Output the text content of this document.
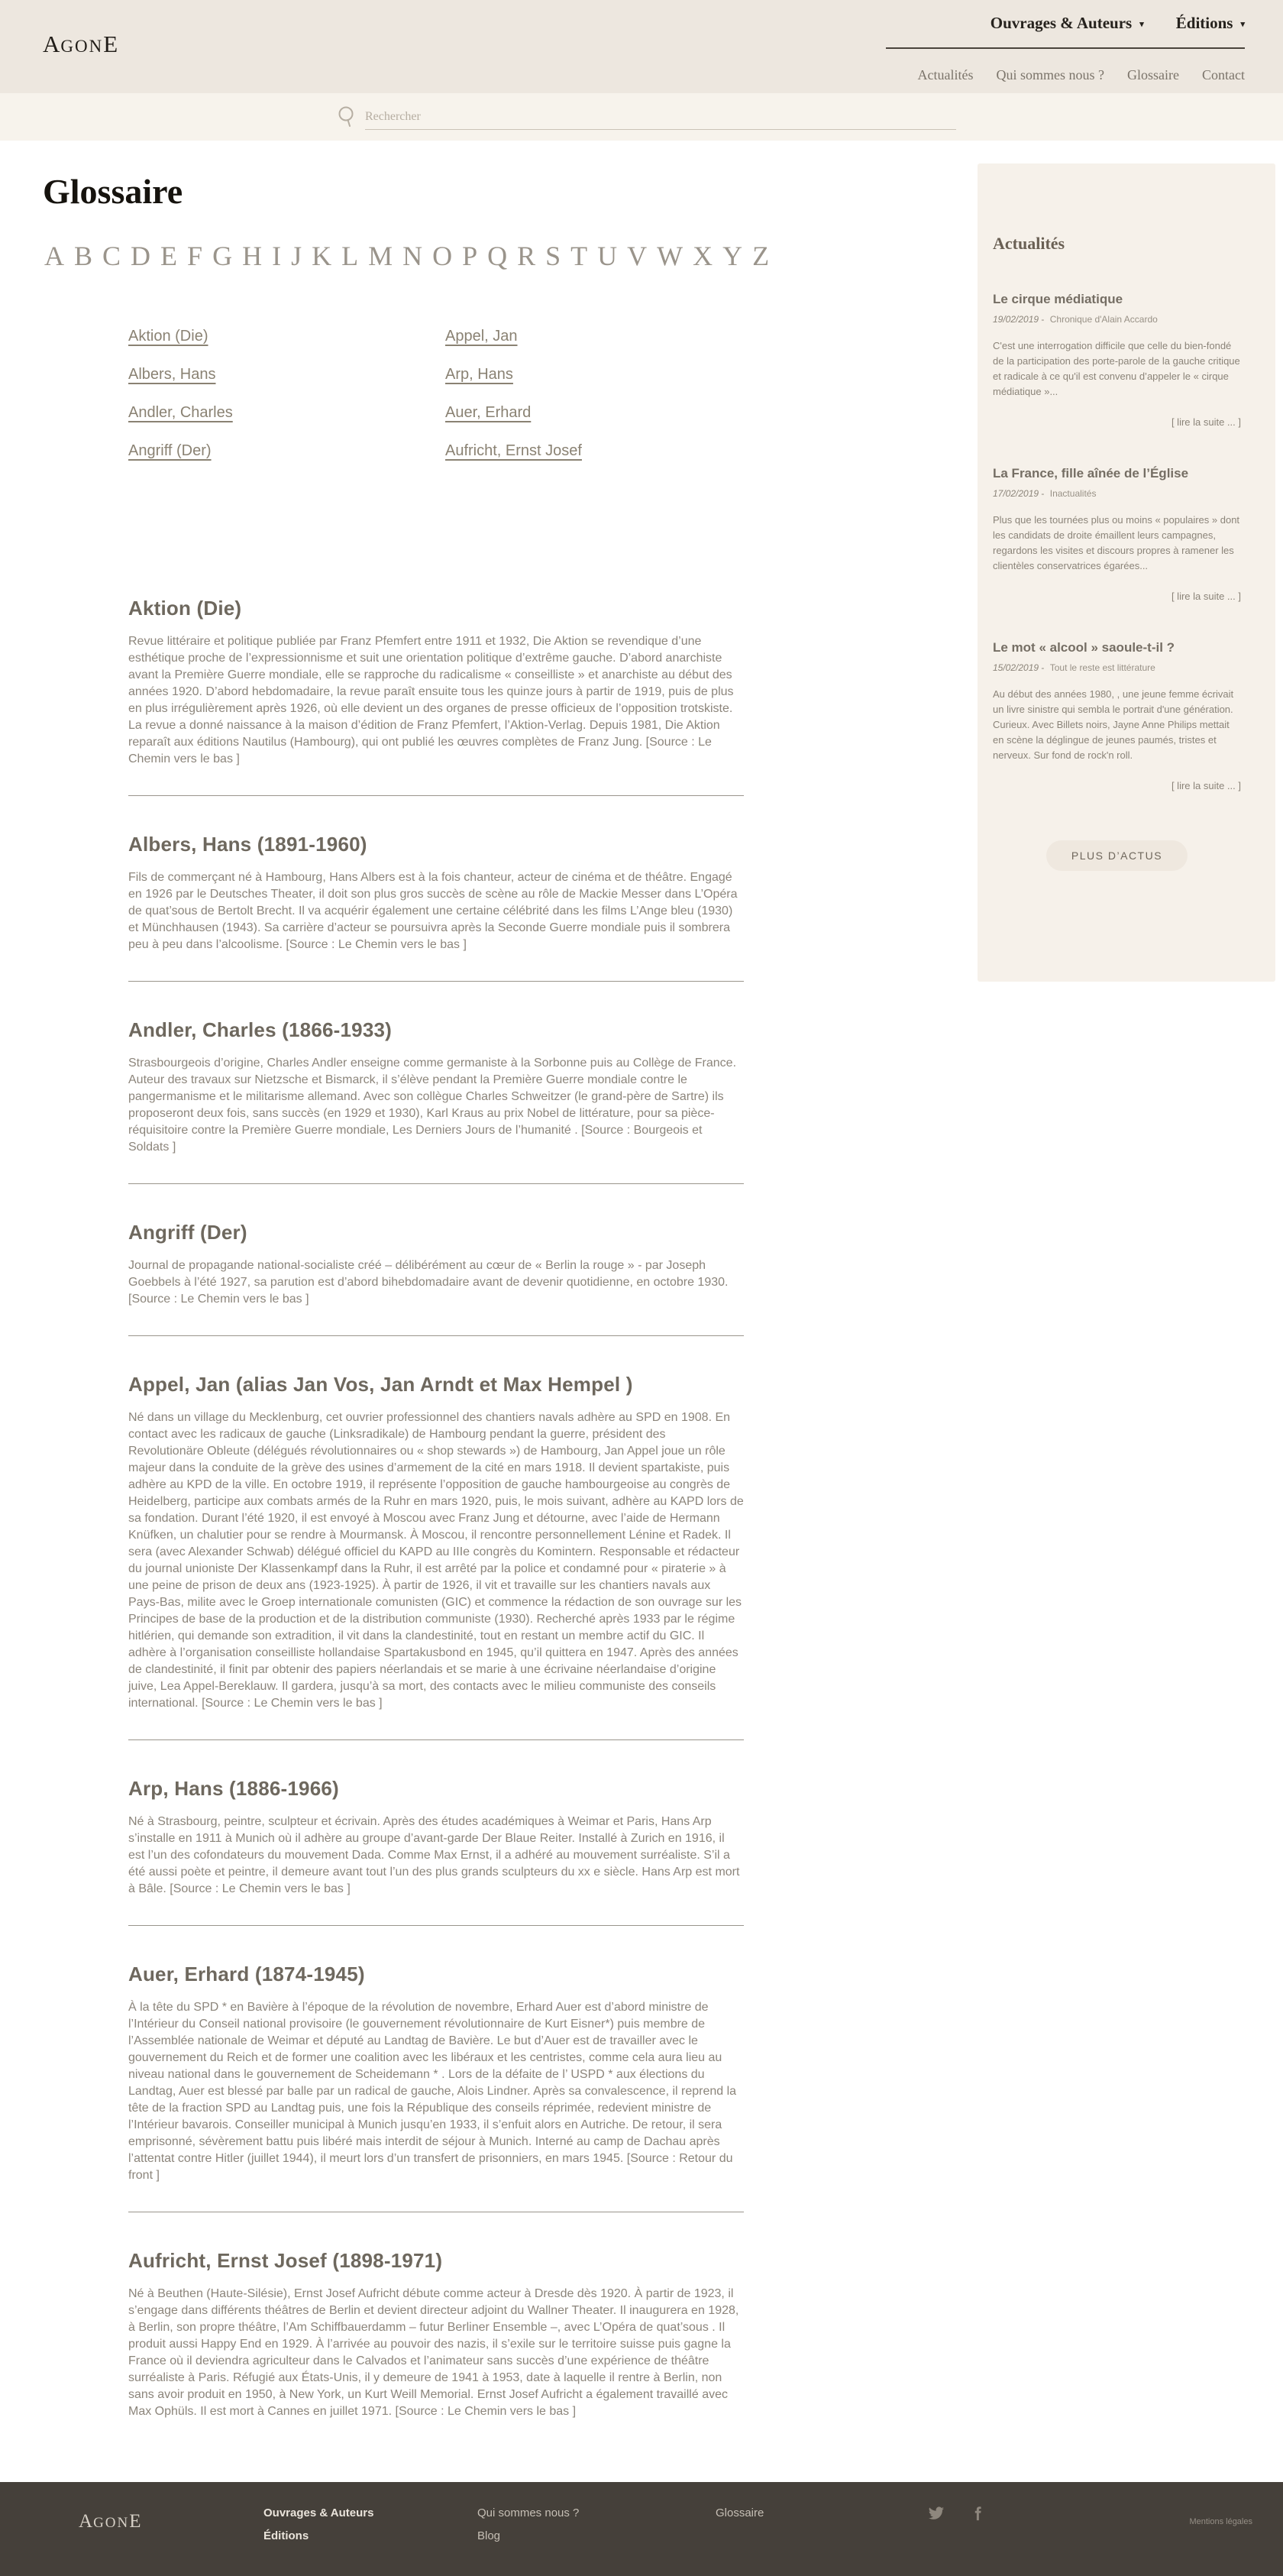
AGONE
Ouvrages & Auteurs ▾ Éditions ▾
Actualités Qui sommes nous ? Glossaire Contact
Rechercher
Glossaire
A B C D E F G H I J K L M N O P Q R S T U V W X Y Z
Aktion (Die)
Albers, Hans
Andler, Charles
Angriff (Der)
Appel, Jan
Arp, Hans
Auer, Erhard
Aufricht, Ernst Josef
Aktion (Die)

Revue littéraire et politique publiée par Franz Pfemfert entre 1911 et 1932, Die Aktion se revendique d’une esthétique proche de l’expressionnisme et suit une orientation politique d’extrême gauche. D’abord anarchiste avant la Première Guerre mondiale, elle se rapproche du radicalisme « conseilliste » et anarchiste au début des années 1920. D’abord hebdomadaire, la revue paraît ensuite tous les quinze jours à partir de 1919, puis de plus en plus irrégulièrement après 1926, où elle devient un des organes de presse officieux de l’opposition trotskiste. La revue a donné naissance à la maison d’édition de Franz Pfemfert, l’Aktion-Verlag. Depuis 1981, Die Aktion reparaît aux éditions Nautilus (Hambourg), qui ont publié les œuvres complètes de Franz Jung. [Source : Le Chemin vers le bas ]

Albers, Hans (1891-1960)

Fils de commerçant né à Hambourg, Hans Albers est à la fois chanteur, acteur de cinéma et de théâtre. Engagé en 1926 par le Deutsches Theater, il doit son plus gros succès de scène au rôle de Mackie Messer dans L’Opéra de quat’sous de Bertolt Brecht. Il va acquérir également une certaine célébrité dans les films L’Ange bleu (1930) et Münchhausen (1943). Sa carrière d’acteur se poursuivra après la Seconde Guerre mondiale puis il sombrera peu à peu dans l’alcoolisme. [Source : Le Chemin vers le bas ]

Andler, Charles (1866-1933)

Strasbourgeois d’origine, Charles Andler enseigne comme germaniste à la Sorbonne puis au Collège de France. Auteur des travaux sur Nietzsche et Bismarck, il s’élève pendant la Première Guerre mondiale contre le pangermanisme et le militarisme allemand. Avec son collègue Charles Schweitzer (le grand-père de Sartre) ils proposeront deux fois, sans succès (en 1929 et 1930), Karl Kraus au prix Nobel de littérature, pour sa pièce-réquisitoire contre la Première Guerre mondiale, Les Derniers Jours de l’humanité . [Source : Bourgeois et Soldats ]

Angriff (Der)

Journal de propagande national-socialiste créé – délibérément au cœur de « Berlin la rouge » - par Joseph Goebbels à l’été 1927, sa parution est d’abord bihebdomadaire avant de devenir quotidienne, en octobre 1930. [Source : Le Chemin vers le bas ]

Appel, Jan (alias Jan Vos, Jan Arndt et Max Hempel )

Né dans un village du Mecklenburg, cet ouvrier professionnel des chantiers navals adhère au SPD en 1908. En contact avec les radicaux de gauche (Linksradikale) de Hambourg pendant la guerre, président des Revolutionäre Obleute (délégués révolutionnaires ou « shop stewards ») de Hambourg, Jan Appel joue un rôle majeur dans la conduite de la grève des usines d’armement de la cité en mars 1918. Il devient spartakiste, puis adhère au KPD de la ville. En octobre 1919, il représente l’opposition de gauche hambourgeoise au congrès de Heidelberg, participe aux combats armés de la Ruhr en mars 1920, puis, le mois suivant, adhère au KAPD lors de sa fondation. Durant l’été 1920, il est envoyé à Moscou avec Franz Jung et détourne, avec l’aide de Hermann Knüfken, un chalutier pour se rendre à Mourmansk. À Moscou, il rencontre personnellement Lénine et Radek. Il sera (avec Alexander Schwab) délégué officiel du KAPD au IIIe congrès du Komintern. Responsable et rédacteur du journal unioniste Der Klassenkampf dans la Ruhr, il est arrêté par la police et condamné pour « piraterie » à une peine de prison de deux ans (1923-1925). À partir de 1926, il vit et travaille sur les chantiers navals aux Pays-Bas, milite avec le Groep internationale comunisten (GIC) et commence la rédaction de son ouvrage sur les Principes de base de la production et de la distribution communiste (1930). Recherché après 1933 par le régime hitlérien, qui demande son extradition, il vit dans la clandestinité, tout en restant un membre actif du GIC. Il adhère à l’organisation conseilliste hollandaise Spartakusbond en 1945, qu’il quittera en 1947. Après des années de clandestinité, il finit par obtenir des papiers néerlandais et se marie à une écrivaine néerlandaise d’origine juive, Lea Appel-Bereklauw. Il gardera, jusqu’à sa mort, des contacts avec le milieu communiste des conseils international. [Source : Le Chemin vers le bas ]

Arp, Hans (1886-1966)

Né à Strasbourg, peintre, sculpteur et écrivain. Après des études académiques à Weimar et Paris, Hans Arp s’installe en 1911 à Munich où il adhère au groupe d’avant-garde Der Blaue Reiter. Installé à Zurich en 1916, il est l’un des cofondateurs du mouvement Dada. Comme Max Ernst, il a adhéré au mouvement surréaliste. S’il a été aussi poète et peintre, il demeure avant tout l’un des plus grands sculpteurs du xx e siècle. Hans Arp est mort à Bâle. [Source : Le Chemin vers le bas ]

Auer, Erhard (1874-1945)

À la tête du SPD * en Bavière à l’époque de la révolution de novembre, Erhard Auer est d’abord ministre de l’Intérieur du Conseil national provisoire (le gouvernement révolutionnaire de Kurt Eisner*) puis membre de l’Assemblée nationale de Weimar et député au Landtag de Bavière. Le but d’Auer est de travailler avec le gouvernement du Reich et de former une coalition avec les libéraux et les centristes, comme cela aura lieu au niveau national dans le gouvernement de Scheidemann * . Lors de la défaite de l’ USPD * aux élections du Landtag, Auer est blessé par balle par un radical de gauche, Alois Lindner. Après sa convalescence, il reprend la tête de la fraction SPD au Landtag puis, une fois la République des conseils réprimée, redevient ministre de l’Intérieur bavarois. Conseiller municipal à Munich jusqu’en 1933, il s’enfuit alors en Autriche. De retour, il sera emprisonné, sévèrement battu puis libéré mais interdit de séjour à Munich. Interné au camp de Dachau après l’attentat contre Hitler (juillet 1944), il meurt lors d’un transfert de prisonniers, en mars 1945. [Source : Retour du front ]

Aufricht, Ernst Josef (1898-1971)

Né à Beuthen (Haute-Silésie), Ernst Josef Aufricht débute comme acteur à Dresde dès 1920. À partir de 1923, il s’engage dans différents théâtres de Berlin et devient directeur adjoint du Wallner Theater. Il inaugurera en 1928, à Berlin, son propre théâtre, l’Am Schiffbauerdamm – futur Berliner Ensemble –, avec L’Opéra de quat’sous . Il produit aussi Happy End en 1929. À l’arrivée au pouvoir des nazis, il s’exile sur le territoire suisse puis gagne la France où il deviendra agriculteur dans le Calvados et l’animateur sans succès d’une expérience de théâtre surréaliste à Paris. Réfugié aux États-Unis, il y demeure de 1941 à 1953, date à laquelle il rentre à Berlin, non sans avoir produit en 1950, à New York, un Kurt Weill Memorial. Ernst Josef Aufricht a également travaillé avec Max Ophüls. Il est mort à Cannes en juillet 1971. [Source : Le Chemin vers le bas ]

Actualités
Le cirque médiatique
19/02/2019 - Chronique d'Alain Accardo

C'est une interrogation difficile que celle du bien-fondé de la participation des porte-parole de la gauche critique et radicale à ce qu'il est convenu d’appeler le « cirque médiatique »...

[ lire la suite ... ]
La France, fille aînée de l’Église
17/02/2019 - Inactualités

Plus que les tournées plus ou moins « populaires » dont les candidats de droite émaillent leurs campagnes, regardons les visites et discours propres à ramener les clientèles conservatrices égarées...

[ lire la suite ... ]
Le mot « alcool » saoule-t-il ?
15/02/2019 - Tout le reste est littérature

Au début des années 1980, , une jeune femme écrivait un livre sinistre qui sembla le portrait d'une génération. Curieux. Avec Billets noirs, Jayne Anne Philips mettait en scène la déglingue de jeunes paumés, tristes et nerveux. Sur fond de rock'n roll.

[ lire la suite ... ]
PLUS D’ACTUS
AGONE	Ouvrages & Auteurs
Éditions
Qui sommes nous ?
Blog
Glossaire
Mentions légales
